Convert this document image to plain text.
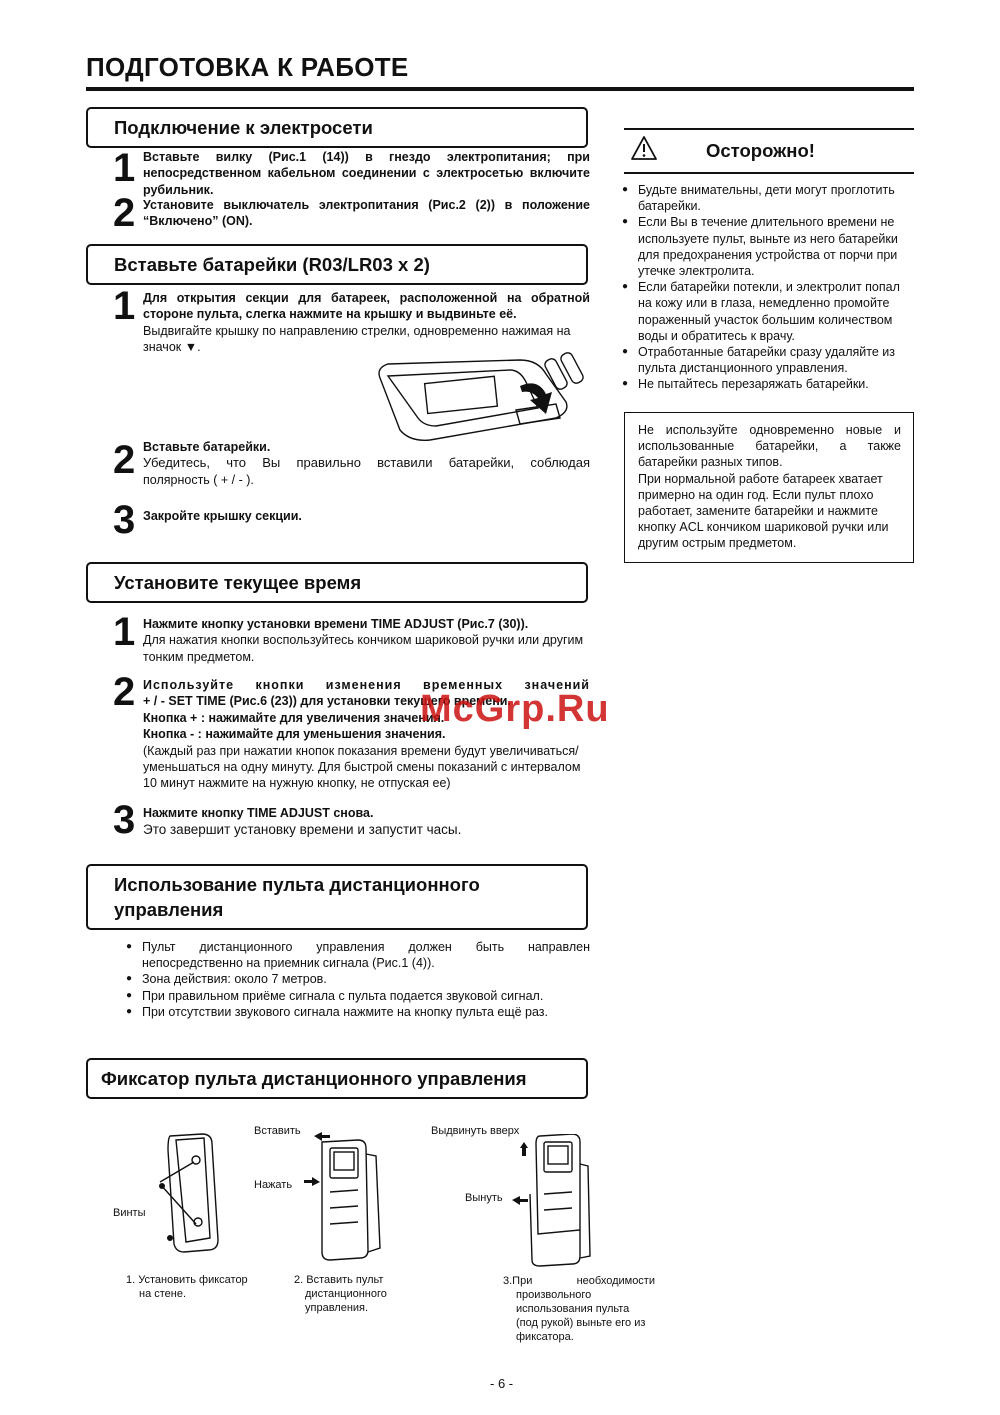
ПОДГОТОВКА К РАБОТЕ
Подключение к электросети
1 Вставьте вилку (Рис.1 (14)) в гнездо электропитания; при
непосредственном кабельном соединении с электросетью включите
рубильник.
2 Установите выключатель электропитания (Рис.2 (2)) в положение
“Включено” (ON).
Вставьте батарейки (R03/LR03 x 2)
1 Для открытия секции для батареек, расположенной на обратной
стороне пульта, слегка нажмите на крышку и выдвиньте её.
Выдвигайте крышку по направлению стрелки, одновременно нажимая на
значок ▼.
2 Вставьте батарейки.
Убедитесь, что Вы правильно вставили батарейки, соблюдая
полярность ( + / - ).
3 Закройте крышку секции.
Установите текущее время
1 Нажмите кнопку установки времени TIME ADJUST (Рис.7 (30)).
Для нажатия кнопки воспользуйтесь кончиком шариковой ручки или другим
тонким предметом.
2 Используйте кнопки изменения временных значений
+ / - SET TIME (Рис.6 (23)) для установки текущего времени.
Кнопка + : нажимайте для увеличения значения.
Кнопка - : нажимайте для уменьшения значения.
(Каждый раз при нажатии кнопок показания времени будут увеличиваться/
уменьшаться на одну минуту. Для быстрой смены показаний с интервалом
10 минут нажмите на нужную кнопку, не отпуская ее)
3 Нажмите кнопку TIME ADJUST снова.
Это завершит установку времени и запустит часы.
Использование пульта дистанционного
управления
● Пульт дистанционного управления должен быть направлен непосредственно на приемник сигнала (Рис.1 (4)).
● Зона действия: около 7 метров.
● При правильном приёме сигнала с пульта подается звуковой сигнал.
● При отсутствии звукового сигнала нажмите на кнопку пульта ещё раз.
Фиксатор пульта дистанционного управления
Винты
Вставить
Нажать
Выдвинуть вверх
Вынуть
1. Установить фиксатор
на стене.
2. Вставить пульт
дистанционного
управления.
3.При необходимости
произвольного
использования пульта
(под рукой) выньте его из
фиксатора.
Осторожно!
● Будьте внимательны, дети могут проглотить батарейки.
● Если Вы в течение длительного времени не используете пульт, выньте из него батарейки для предохранения устройства от порчи при утечке электролита.
● Если батарейки потекли, и электролит попал на кожу или в глаза, немедленно промойте пораженный участок большим количеством воды и обратитесь к врачу.
● Отработанные батарейки сразу удаляйте из пульта дистанционного управления.
● Не пытайтесь перезаряжать батарейки.

Не используйте одновременно новые и использованные батарейки, а также батарейки разных типов.

При нормальной работе батареек хватает примерно на один год. Если пульт плохо работает, замените батарейки и нажмите кнопку ACL кончиком шариковой ручки или другим острым предметом.

McGrp.Ru
- 6 -
